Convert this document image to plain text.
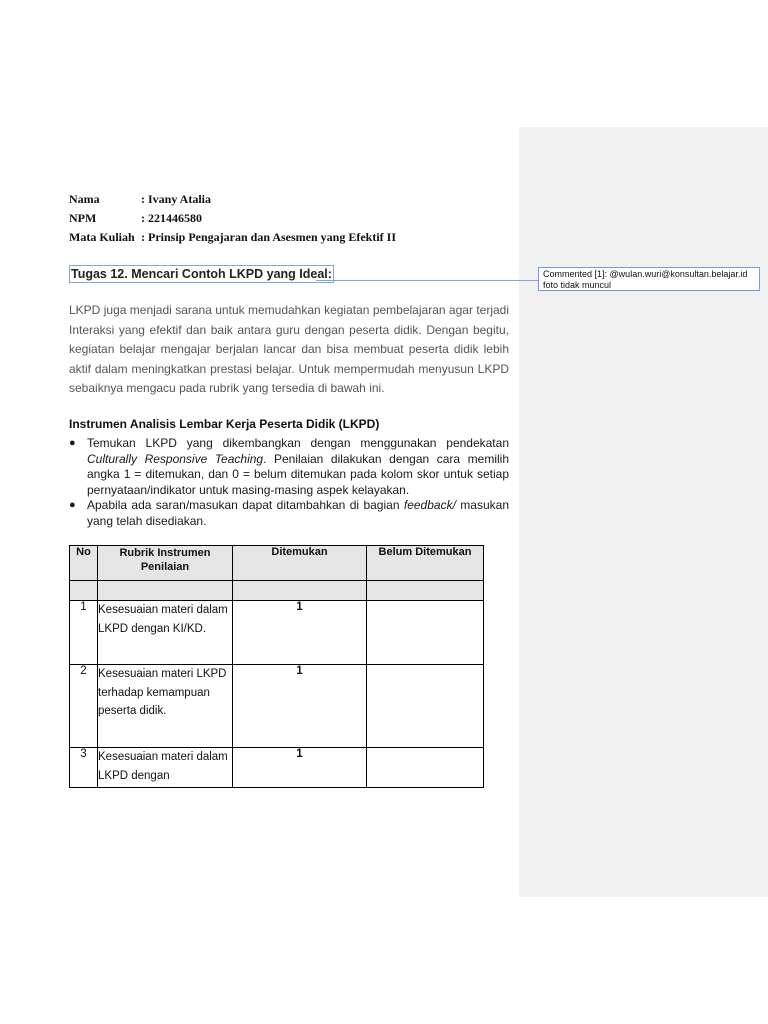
Nama	: Ivany Atalia
NPM	: 221446580
Mata Kuliah : Prinsip Pengajaran dan Asesmen yang Efektif II
Tugas 12. Mencari Contoh LKPD yang Ideal:	Commented [1]: @wulan.wuri@konsultan.belajar.id
foto tidak muncul
LKPD juga menjadi sarana untuk memudahkan kegiatan pembelajaran agar terjadi Interaksi yang efektif dan baik antara guru dengan peserta didik. Dengan begitu, kegiatan belajar mengajar berjalan lancar dan bisa membuat peserta didik lebih aktif dalam meningkatkan prestasi belajar. Untuk mempermudah menyusun LKPD sebaiknya mengacu pada rubrik yang tersedia di bawah ini.
Instrumen Analisis Lembar Kerja Peserta Didik (LKPD)
● Temukan LKPD yang dikembangkan dengan menggunakan pendekatan Culturally Responsive Teaching. Penilaian dilakukan dengan cara memilih angka 1 = ditemukan, dan 0 = belum ditemukan pada kolom skor untuk setiap pernyataan/indikator untuk masing-masing aspek kelayakan.
● Apabila ada saran/masukan dapat ditambahkan di bagian feedback/ masukan yang telah disediakan.
No	Rubrik Instrumen Penilaian	Ditemukan	Belum Ditemukan

1	Kesesuaian materi dalam LKPD dengan KI/KD.	1	
2	Kesesuaian materi LKPD terhadap kemampuan peserta didik.	1	
3	Kesesuaian materi dalam LKPD dengan	1	
